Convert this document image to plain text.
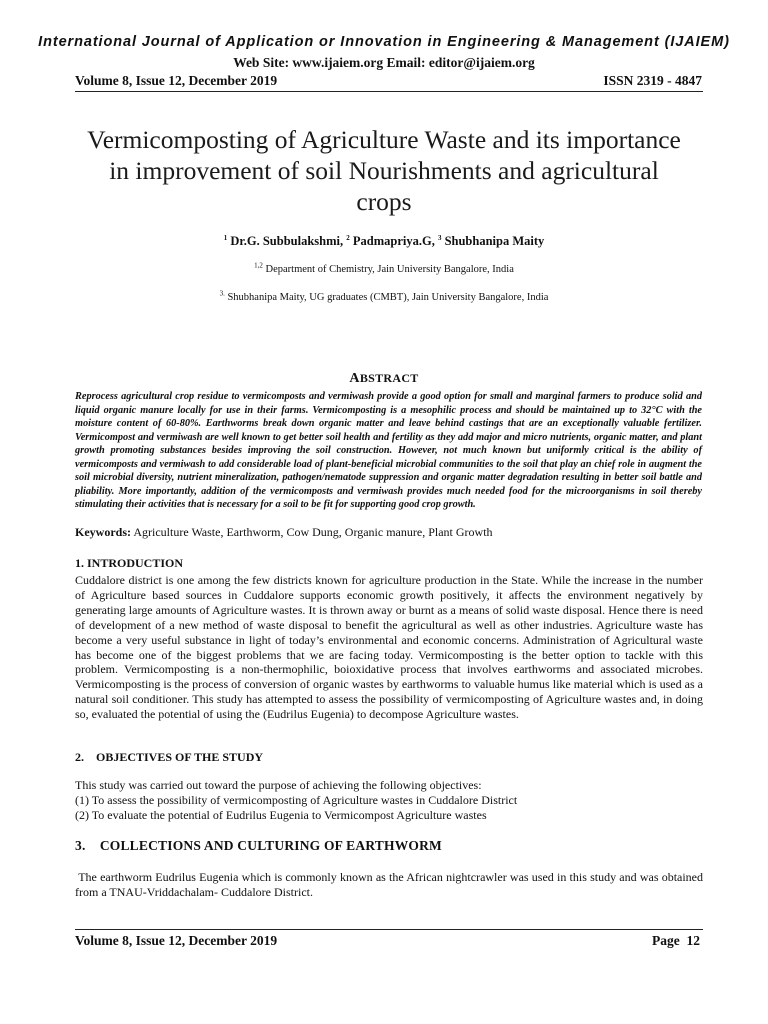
International Journal of Application or Innovation in Engineering & Management (IJAIEM)
Web Site: www.ijaiem.org Email: editor@ijaiem.org
Volume 8, Issue 12, December 2019	ISSN 2319 - 4847
Vermicomposting of Agriculture Waste and its importance in improvement of soil Nourishments and agricultural crops
$^1$ Dr.G. Subbulakshmi, $^2$ Padmapriya.G, $^3$ Shubhanipa Maity
$^{1,2}$ Department of Chemistry, Jain University Bangalore, India
$^{3.}$ Shubhanipa Maity, UG graduates (CMBT), Jain University Bangalore, India
ABSTRACT
Reprocess agricultural crop residue to vermicomposts and vermiwash provide a good option for small and marginal farmers to produce solid and liquid organic manure locally for use in their farms. Vermicomposting is a mesophilic process and should be maintained up to 32°C with the moisture content of 60-80%. Earthworms break down organic matter and leave behind castings that are an exceptionally valuable fertilizer. Vermicompost and vermiwash are well known to get better soil health and fertility as they add major and micro nutrients, organic matter, and plant growth promoting substances besides improving the soil construction. However, not much known but uniformly critical is the ability of vermicomposts and vermiwash to add considerable load of plant-beneficial microbial communities to the soil that play an chief role in augment the soil microbial diversity, nutrient mineralization, pathogen/nematode suppression and organic matter degradation resulting in better soil battle and pliability. More importantly, addition of the vermicomposts and vermiwash provides much needed food for the microorganisms in soil thereby stimulating their activities that is necessary for a soil to be fit for supporting good crop growth.
Keywords: Agriculture Waste, Earthworm, Cow Dung, Organic manure, Plant Growth
1. INTRODUCTION
Cuddalore district is one among the few districts known for agriculture production in the State. While the increase in the number of Agriculture based sources in Cuddalore supports economic growth positively, it affects the environment negatively by generating large amounts of Agriculture wastes. It is thrown away or burnt as a means of solid waste disposal. Hence there is need of development of a new method of waste disposal to benefit the agricultural as well as other industries. Agriculture waste has become a very useful substance in light of today’s environmental and economic concerns. Administration of Agricultural waste has become one of the biggest problems that we are facing today. Vermicomposting is the better option to tackle with this problem. Vermicomposting is a non-thermophilic, boioxidative process that involves earthworms and associated microbes. Vermicomposting is the process of conversion of organic wastes by earthworms to valuable humus like material which is used as a natural soil conditioner. This study has attempted to assess the possibility of vermicomposting of Agriculture wastes and, in doing so, evaluated the potential of using the (Eudrilus Eugenia) to decompose Agriculture wastes.
2.    OBJECTIVES OF THE STUDY
This study was carried out toward the purpose of achieving the following objectives:
(1) To assess the possibility of vermicomposting of Agriculture wastes in Cuddalore District
(2) To evaluate the potential of Eudrilus Eugenia to Vermicompost Agriculture wastes
3.    COLLECTIONS AND CULTURING OF EARTHWORM
The earthworm Eudrilus Eugenia which is commonly known as the African nightcrawler was used in this study and was obtained from a TNAU-Vriddachalam- Cuddalore District.
Volume 8, Issue 12, December 2019	Page  12
